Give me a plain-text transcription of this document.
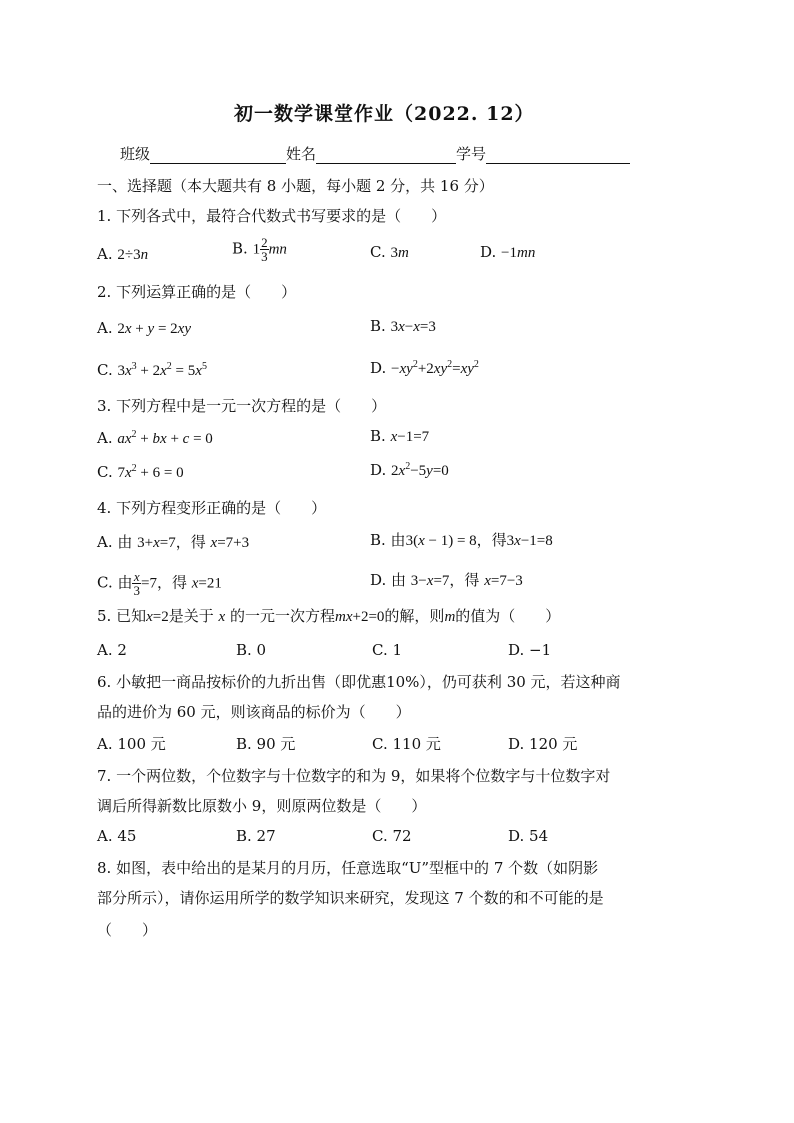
初一数学课堂作业（2022. 12）
班级	姓名	学号
一、选择题（本大题共有 8 小题，每小题 2 分，共 16 分）
1. 下列各式中，最符合代数式书写要求的是（　　）
A. 2÷3n	B. $1 \frac{2}{3}$ mn	C. 3m	D. −1mn
2. 下列运算正确的是（　　）
A. 2x + y = 2xy	B. 3x−x=3
C. $3x^3 + 2x^2 = 5x^5$	D. $-xy^2+2xy^2=xy^2$
3. 下列方程中是一元一次方程的是（　　）
A. $ax^2$ + bx + c = 0	B. x−1=7
C. $7x^2 + 6 = 0$	D. $2x^2-5y=0$
4. 下列方程变形正确的是（　　）
A. 由 3+x=7，得 x=7+3	B. 由3(x − 1) = 8，得3x−1=8
C. 由 $\frac{x}{3} =7$，得 x=21	D. 由 3−x=7，得 x=7−3
5. 已知x=2是关于 x 的一元一次方程mx+2=0的解，则m的值为（　　）
A. 2	B. 0	C. 1	D. −1
6. 小敏把一商品按标价的九折出售（即优惠10%），仍可获利 30 元，若这种商
品的进价为 60 元，则该商品的标价为（　　）
A. 100 元	B. 90 元	C. 110 元	D. 120 元
7. 一个两位数，个位数字与十位数字的和为 9，如果将个位数字与十位数字对
调后所得新数比原数小 9，则原两位数是（　　）
A. 45	B. 27	C. 72	D. 54
8. 如图，表中给出的是某月的月历，任意选取“U”型框中的 7 个数（如阴影
部分所示），请你运用所学的数学知识来研究，发现这 7 个数的和不可能的是
（　　）
